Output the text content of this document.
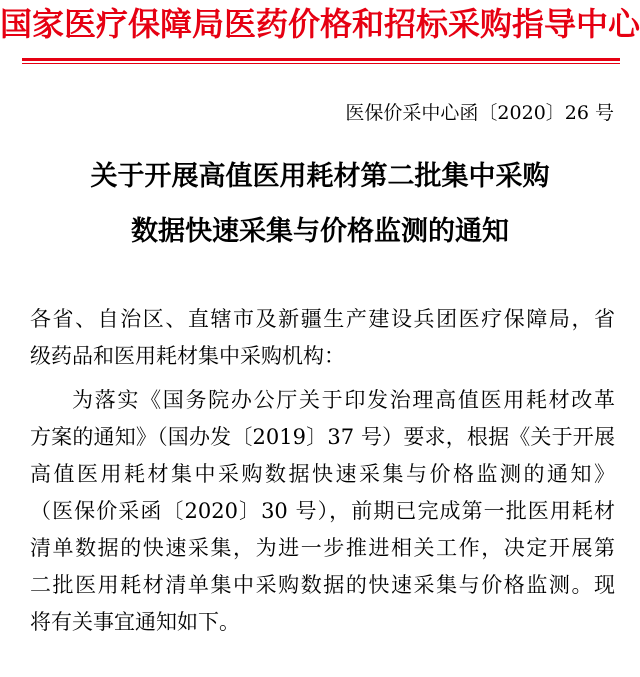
国家医疗保障局医药价格和招标采购指导中心
医保价采中心函〔2020〕26 号
关于开展高值医用耗材第二批集中采购
数据快速采集与价格监测的通知
各省、自治区、直辖市及新疆生产建设兵团医疗保障局，省
级药品和医用耗材集中采购机构：
为落实《国务院办公厅关于印发治理高值医用耗材改革
方案的通知》（国办发〔2019〕37 号）要求，根据《关于开展
高值医用耗材集中采购数据快速采集与价格监测的通知》
（医保价采函〔2020〕30 号），前期已完成第一批医用耗材
清单数据的快速采集，为进一步推进相关工作，决定开展第
二批医用耗材清单集中采购数据的快速采集与价格监测。现
将有关事宜通知如下。
